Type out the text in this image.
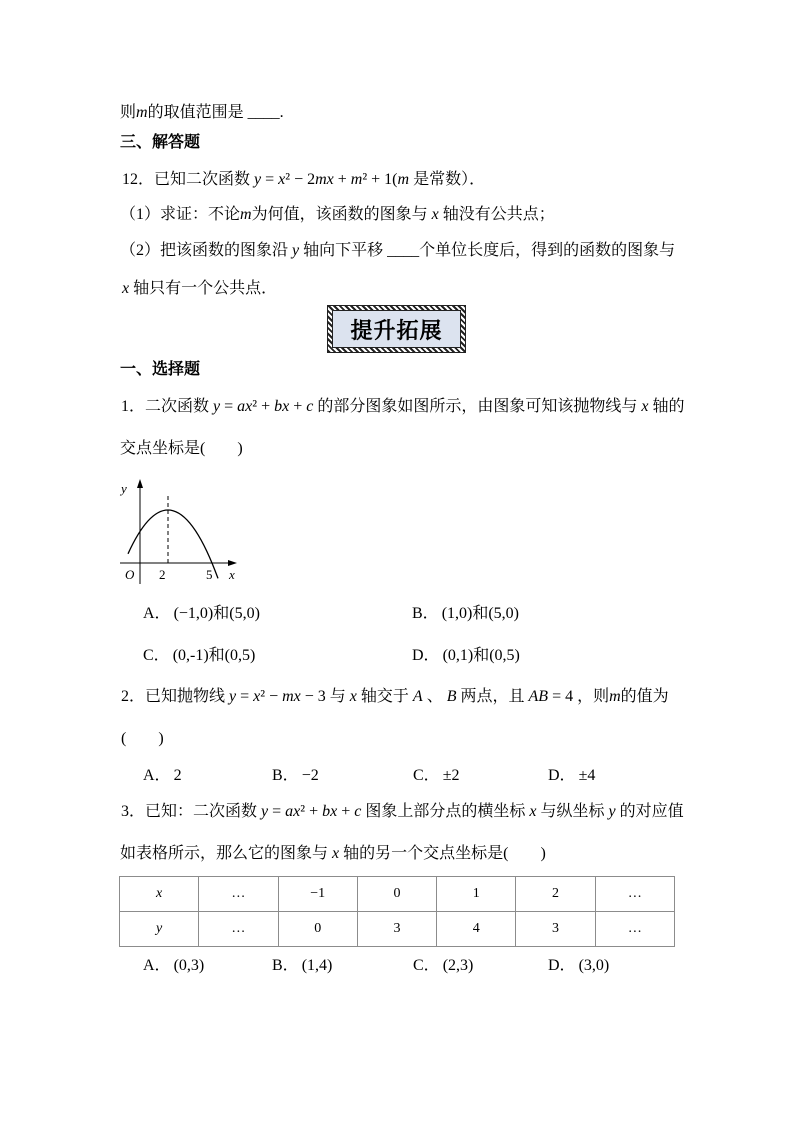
则m的取值范围是 ____.
三、解答题
12．已知二次函数 y = x² − 2mx + m² + 1(m 是常数）．
（1）求证：不论m为何值，该函数的图象与 x 轴没有公共点；
（2）把该函数的图象沿 y 轴向下平移 ____个单位长度后，得到的函数的图象与
x 轴只有一个公共点．
提升拓展
一、选择题
1．二次函数 y = ax² + bx + c 的部分图象如图所示，由图象可知该抛物线与 x 轴的
交点坐标是(　　)
y
x
O 2	5
A． (−1,0)和(5,0)	B． (1,0)和(5,0)
C． (0,-1)和(0,5)	D． (0,1)和(0,5)
2．已知抛物线 y = x² − mx − 3 与 x 轴交于 A 、 B 两点，且 AB = 4 ，则m的值为
(　　)
A． 2	B． −2	C． ±2	D． ±4
3．已知：二次函数 y = ax² + bx + c 图象上部分点的横坐标 x 与纵坐标 y 的对应值
如表格所示，那么它的图象与 x 轴的另一个交点坐标是(　　)
x	…	−1	0	1	2	…
y	…	0	3	4	3	…
A． (0,3)	B． (1,4)	C． (2,3)	D． (3,0)
